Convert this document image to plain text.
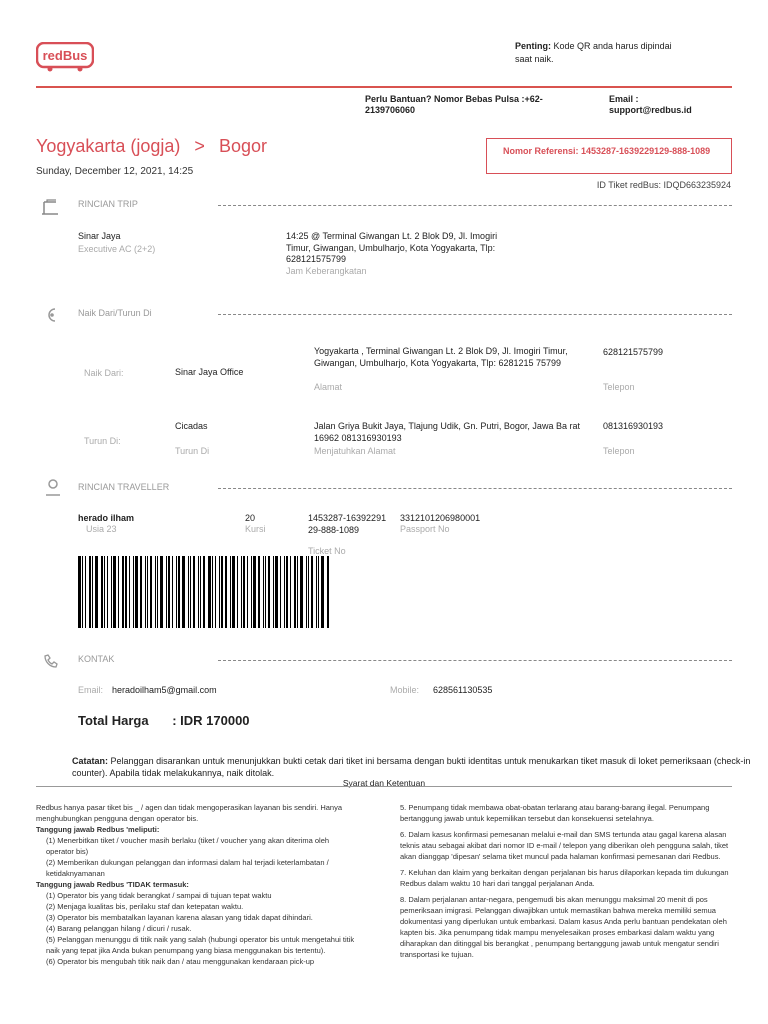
redBus
Penting: Kode QR anda harus dipindai saat naik.
Perlu Bantuan? Nomor Bebas Pulsa :+62-2139706060
Email :
support@redbus.id
Yogyakarta (jogja) > Bogor
Sunday, December 12, 2021, 14:25
Nomor Referensi: 1453287-1639229129-888-1089
ID Tiket redBus: IDQD663235924
RINCIAN TRIP
Sinar Jaya
Executive AC (2+2)
14:25 @ Terminal Giwangan Lt. 2 Blok D9, Jl. Imogiri Timur, Giwangan, Umbulharjo, Kota Yogyakarta, Tlp: 628121575799
Jam Keberangkatan
Naik Dari/Turun Di
Naik Dari:	Sinar Jaya Office
Yogyakarta , Terminal Giwangan Lt. 2 Blok D9, Jl. Imogiri Timur, Giwangan, Umbulharjo, Kota Yogyakarta, Tlp: 6281215 75799
Alamat
628121575799
Telepon
Turun Di:
Cicadas
Turun Di
Jalan Griya Bukit Jaya, Tlajung Udik, Gn. Putri, Bogor, Jawa Ba rat 16962 081316930193
Menjatuhkan Alamat
081316930193
Telepon
RINCIAN TRAVELLER
herado ilham
Usia 23
20
Kursi
1453287-1639229129-888-1089
Ticket No
3312101206980001
Passport No
KONTAK
Email: heradoilham5@gmail.com	Mobile: 628561130535
Total Harga : IDR 170000
Catatan: Pelanggan disarankan untuk menunjukkan bukti cetak dari tiket ini bersama dengan bukti identitas untuk menukarkan tiket masuk di loket pemeriksaan (check-in counter). Apabila tidak melakukannya, naik ditolak.
Syarat dan Ketentuan
Redbus hanya pasar tiket bis _ / agen dan tidak mengoperasikan layanan bis sendiri. Hanya menghubungkan pengguna dengan operator bis.
Tanggung jawab Redbus 'meliputi:
(1) Menerbitkan tiket / voucher masih berlaku (tiket / voucher yang akan diterima oleh operator bis)
(2) Memberikan dukungan pelanggan dan informasi dalam hal terjadi keterlambatan / ketidaknyamanan
Tanggung jawab Redbus 'TIDAK termasuk:
(1) Operator bis yang tidak berangkat / sampai di tujuan tepat waktu
(2) Menjaga kualitas bis, perilaku staf dan ketepatan waktu.
(3) Operator bis membatalkan layanan karena alasan yang tidak dapat dihindari.
(4) Barang pelanggan hilang / dicuri / rusak.
(5) Pelanggan menunggu di titik naik yang salah (hubungi operator bis untuk mengetahui titik naik yang tepat jika Anda bukan penumpang yang biasa menggunakan bis tertentu).
(6) Operator bis mengubah titik naik dan / atau menggunakan kendaraan pick-up
5. Penumpang tidak membawa obat-obatan terlarang atau barang-barang ilegal. Penumpang bertanggung jawab untuk kepemilikan tersebut dan konsekuensi setelahnya.
6. Dalam kasus konfirmasi pemesanan melalui e-mail dan SMS tertunda atau gagal karena alasan teknis atau sebagai akibat dari nomor ID e-mail / telepon yang diberikan oleh pengguna salah, tiket akan dianggap 'dipesan' selama tiket muncul pada halaman konfirmasi pemesanan dari Redbus.
7. Keluhan dan klaim yang berkaitan dengan perjalanan bis harus dilaporkan kepada tim dukungan Redbus dalam waktu 10 hari dari tanggal perjalanan Anda.
8. Dalam perjalanan antar-negara, pengemudi bis akan menunggu maksimal 20 menit di pos pemeriksaan imigrasi. Pelanggan diwajibkan untuk memastikan bahwa mereka memiliki semua dokumentasi yang diperlukan untuk embarkasi. Dalam kasus Anda perlu bantuan pendekatan oleh kapten bis. Jika penumpang tidak mampu menyelesaikan proses embarkasi dalam waktu yang diharapkan dan ditinggal bis berangkat , penumpang bertanggung jawab untuk mengatur sendiri transportasi ke tujuan.
